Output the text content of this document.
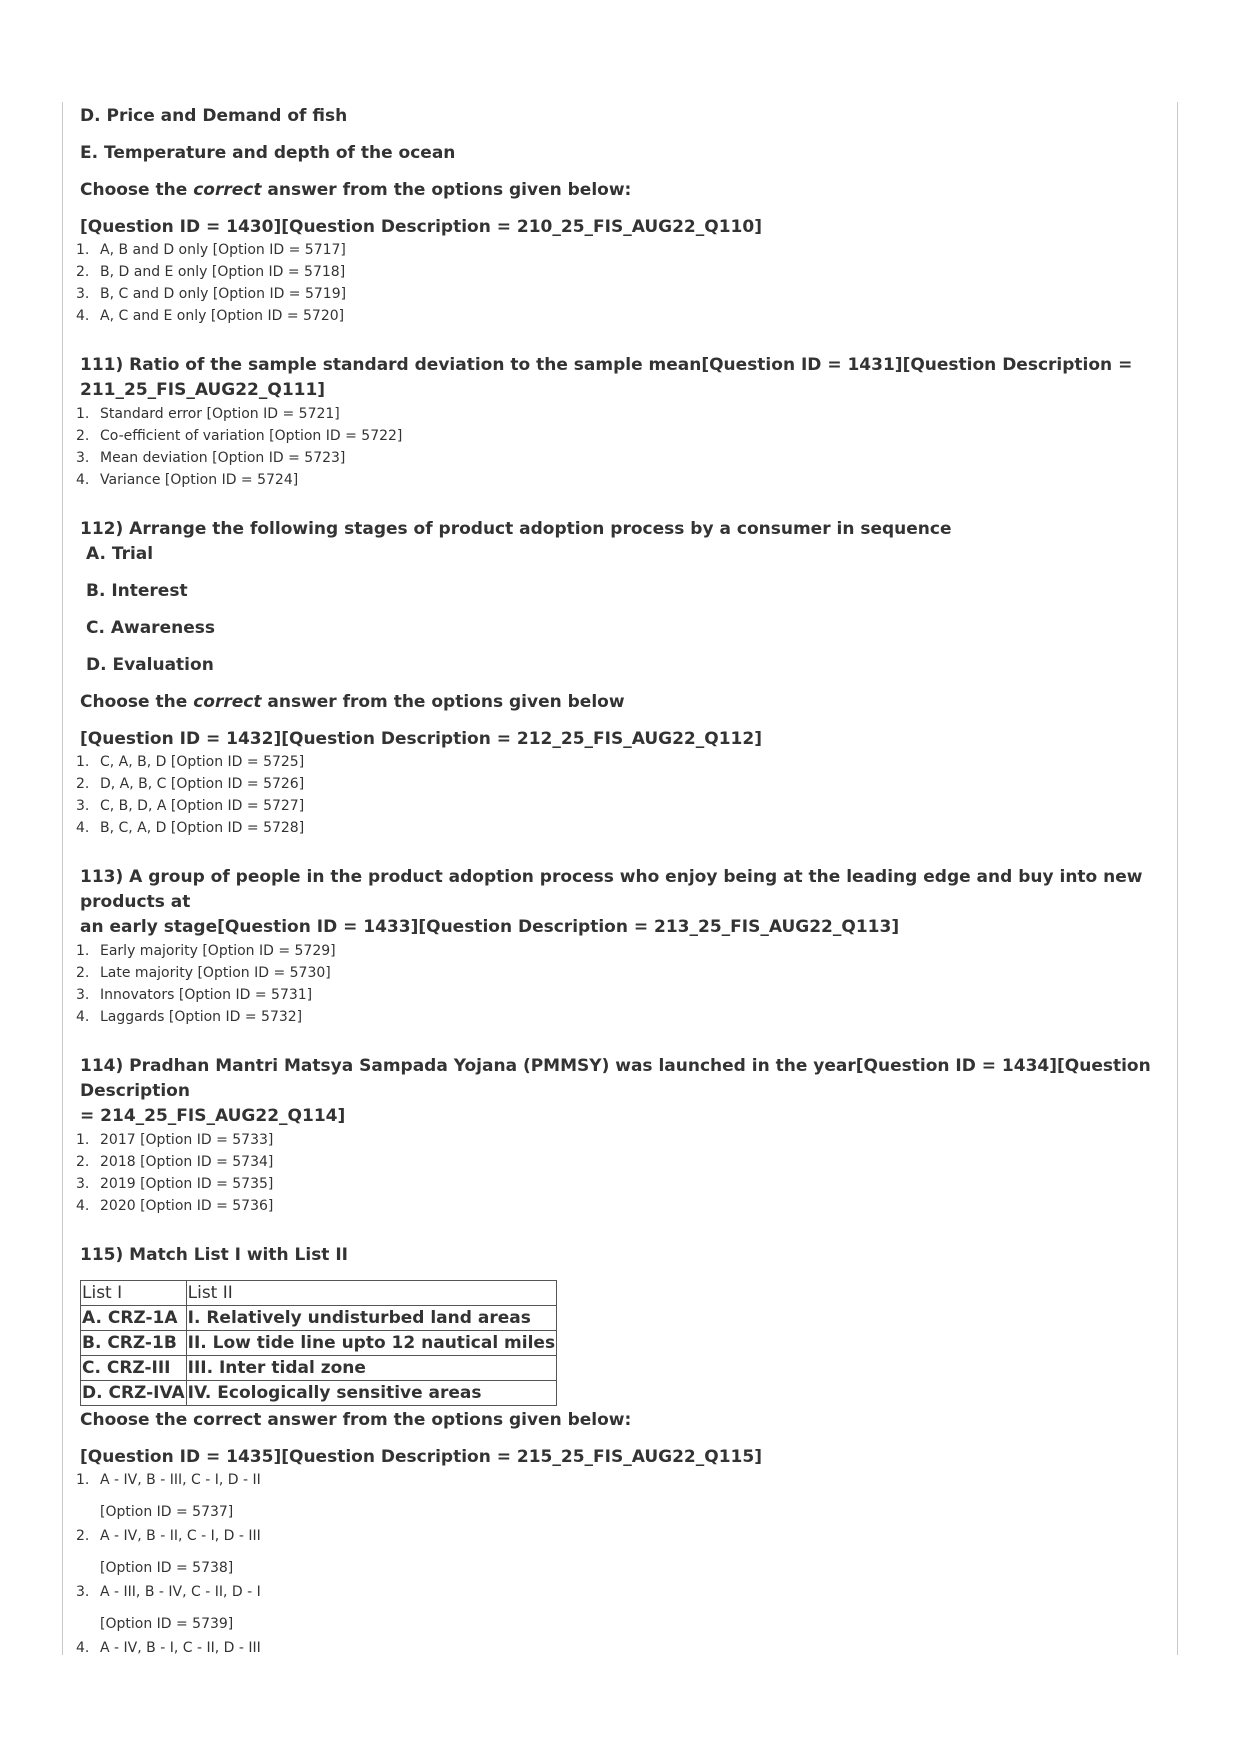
D. Price and Demand of fish

E. Temperature and depth of the ocean

Choose the correct answer from the options given below:

[Question ID = 1430][Question Description = 210_25_FIS_AUG22_Q110]

1. A, B and D only [Option ID = 5717]
2. B, D and E only [Option ID = 5718]
3. B, C and D only [Option ID = 5719]
4. A, C and E only [Option ID = 5720]

111) Ratio of the sample standard deviation to the sample mean[Question ID = 1431][Question Description =

211_25_FIS_AUG22_Q111]

1. Standard error [Option ID = 5721]
2. Co-efficient of variation [Option ID = 5722]
3. Mean deviation [Option ID = 5723]
4. Variance [Option ID = 5724]

112) Arrange the following stages of product adoption process by a consumer in sequence

A. Trial

B. Interest

C. Awareness

D. Evaluation

Choose the correct answer from the options given below

[Question ID = 1432][Question Description = 212_25_FIS_AUG22_Q112]

1. C, A, B, D [Option ID = 5725]
2. D, A, B, C [Option ID = 5726]
3. C, B, D, A [Option ID = 5727]
4. B, C, A, D [Option ID = 5728]

113) A group of people in the product adoption process who enjoy being at the leading edge and buy into new products at

an early stage[Question ID = 1433][Question Description = 213_25_FIS_AUG22_Q113]

1. Early majority [Option ID = 5729]
2. Late majority [Option ID = 5730]
3. Innovators [Option ID = 5731]
4. Laggards [Option ID = 5732]

114) Pradhan Mantri Matsya Sampada Yojana (PMMSY) was launched in the year[Question ID = 1434][Question Description

= 214_25_FIS_AUG22_Q114]

1. 2017 [Option ID = 5733]
2. 2018 [Option ID = 5734]
3. 2019 [Option ID = 5735]
4. 2020 [Option ID = 5736]

115) Match List I with List II

List I	List II
A. CRZ-1A	I. Relatively undisturbed land areas
B. CRZ-1B	II. Low tide line upto 12 nautical miles
C. CRZ-III	III. Inter tidal zone
D. CRZ-IVA	IV. Ecologically sensitive areas

Choose the correct answer from the options given below:

[Question ID = 1435][Question Description = 215_25_FIS_AUG22_Q115]

1. A - IV, B - III, C - I, D - II
[Option ID = 5737]
2. A - IV, B - II, C - I, D - III
[Option ID = 5738]
3. A - III, B - IV, C - II, D - I
[Option ID = 5739]
4. A - IV, B - I, C - II, D - III
